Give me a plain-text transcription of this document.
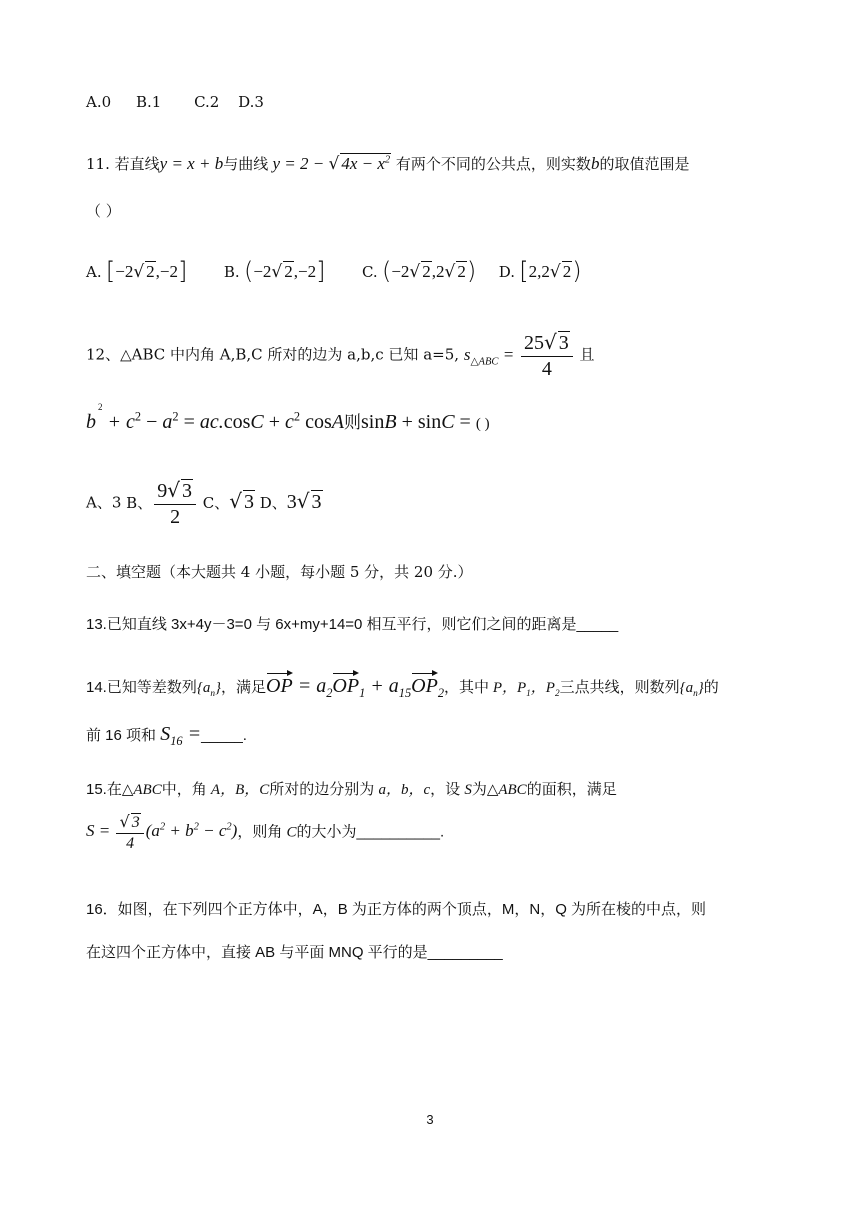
A.0 B.1 C.2 D.3
11. 若直线y = x + b与曲线 y = 2 − √ $4x - x^2$ 有两个不同的公共点，则实数b的取值范围是
（ ）
A. [−2√ 2,−2] B. (−2√ 2,−2] C. (−2√ 2,2√ 2) D. [2,2√ 2)
12、△ABC 中内角 A,B,C 所对的边为 a,b,c 已知 a=5, $s_{\triangle ABC} = \frac{25√ 3}{4}$ 且
$b^2 + c^2 - a^2 = ac.\cos C + c^2$ cosA则sinB + sinC = ( )
A、3 B、 $\frac{9√ 3}{2}$ C、√ 3 D、3√ 3
二、填空题（本大题共 4 小题，每小题 5 分，共 20 分.）
13.已知直线 3x+4y－3=0 与 6x+my+14=0 相互平行，则它们之间的距离是_____
14.已知等差数列$\{a_n\}$，满足OP = $a_2OP_1 + a_{15}OP_2$，其中 P，$P_1$，$P_2$三点共线，则数列$\{a_n\}$的
前 16 项和 $S_{16}$ =_____.
15.在△ABC中，角 A，B，C所对的边分别为 a，b，c，设 S为△ABC的面积，满足
$S = \frac{√ 3}{4} (a^2 + b^2 - c^2)$，则角 C的大小为__________.
16．如图，在下列四个正方体中，A，B 为正方体的两个顶点，M，N，Q 为所在棱的中点，则
在这四个正方体中，直接 AB 与平面 MNQ 平行的是_________
3
